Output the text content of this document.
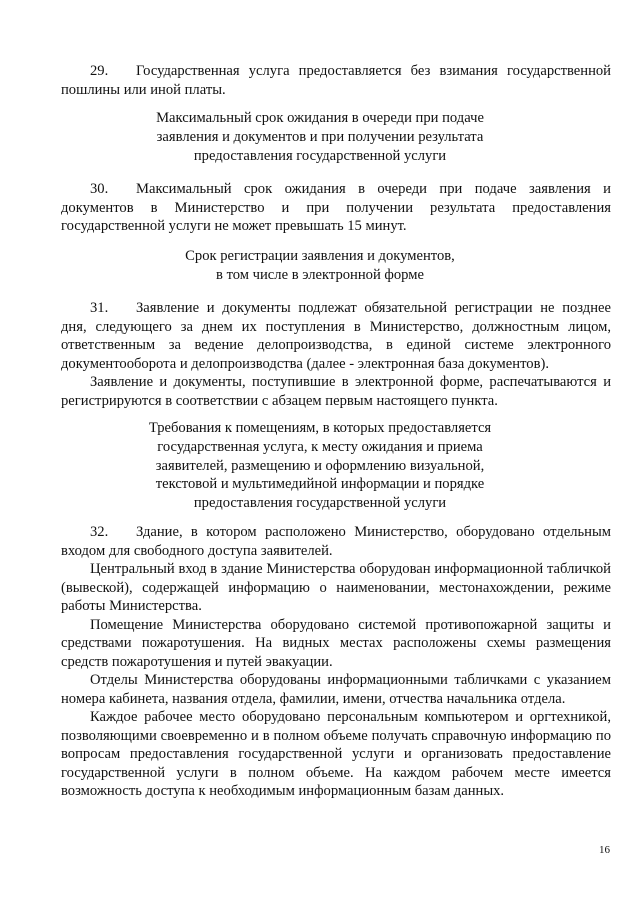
29. Государственная услуга предоставляется без взимания государственной пошлины или иной платы.

Максимальный срок ожидания в очереди при подаче
заявления и документов и при получении результата
предоставления государственной услуги

30. Максимальный срок ожидания в очереди при подаче заявления и документов в Министерство и при получении результата предоставления государственной услуги не может превышать 15 минут.

Срок регистрации заявления и документов,
в том числе в электронной форме

31. Заявление и документы подлежат обязательной регистрации не позднее дня, следующего за днем их поступления в Министерство, должностным лицом, ответственным за ведение делопроизводства, в единой системе электронного документооборота и делопроизводства (далее - электронная база документов).

Заявление и документы, поступившие в электронной форме, распечатываются и регистрируются в соответствии с абзацем первым настоящего пункта.

Требования к помещениям, в которых предоставляется
государственная услуга, к месту ожидания и приема
заявителей, размещению и оформлению визуальной,
текстовой и мультимедийной информации и порядке
предоставления государственной услуги

32. Здание, в котором расположено Министерство, оборудовано отдельным входом для свободного доступа заявителей.

Центральный вход в здание Министерства оборудован информационной табличкой (вывеской), содержащей информацию о наименовании, местонахождении, режиме работы Министерства.

Помещение Министерства оборудовано системой противопожарной защиты и средствами пожаротушения. На видных местах расположены схемы размещения средств пожаротушения и путей эвакуации.

Отделы Министерства оборудованы информационными табличками с указанием номера кабинета, названия отдела, фамилии, имени, отчества начальника отдела.

Каждое рабочее место оборудовано персональным компьютером и оргтехникой, позволяющими своевременно и в полном объеме получать справочную информацию по вопросам предоставления государственной услуги и организовать предоставление государственной услуги в полном объеме. На каждом рабочем месте имеется возможность доступа к необходимым информационным базам данных.

16
